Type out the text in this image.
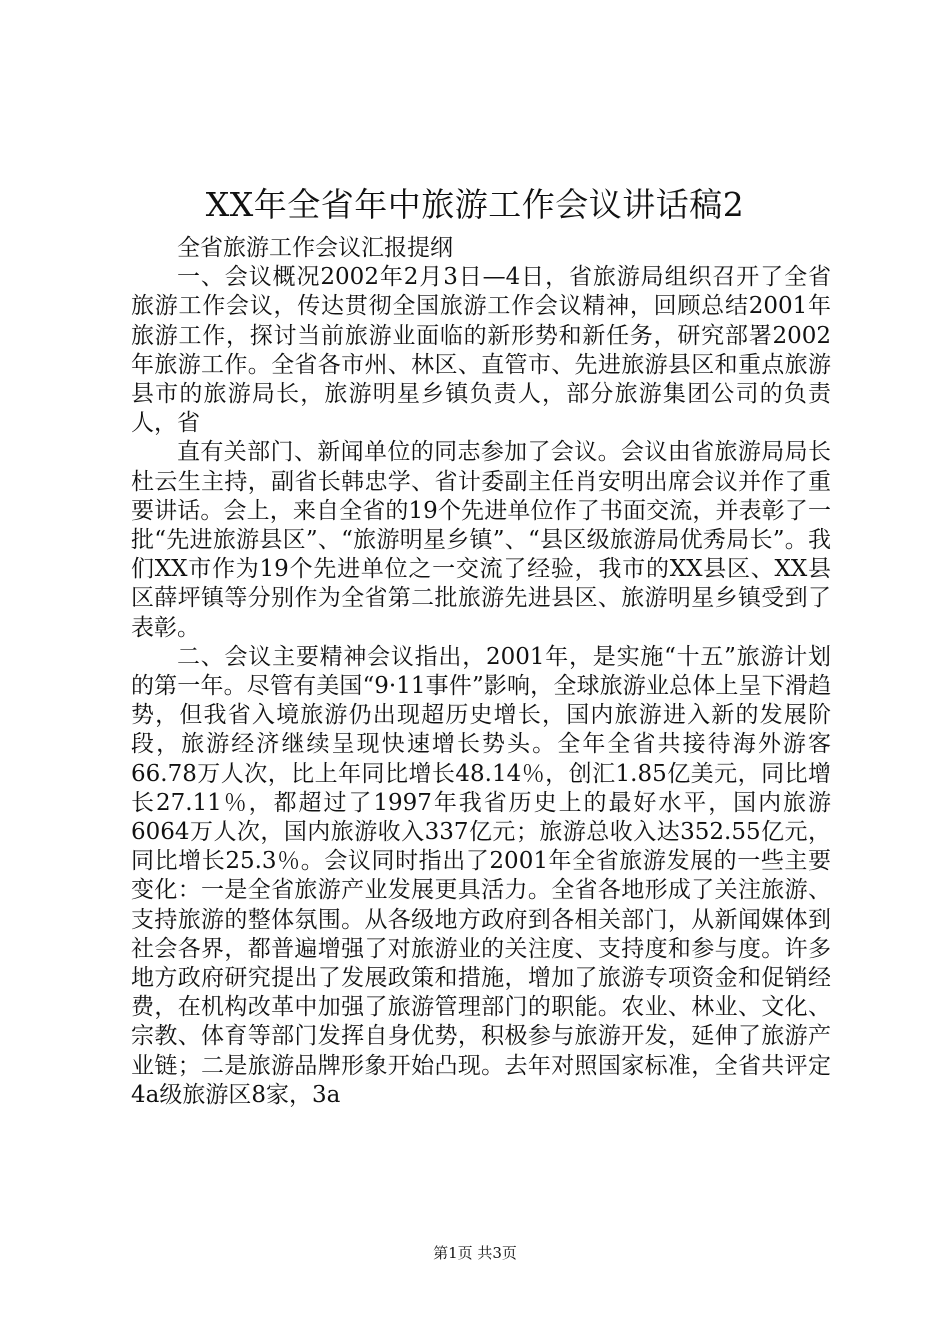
XX年全省年中旅游工作会议讲话稿2

全省旅游工作会议汇报提纲

一、会议概况2002年2月3日—4日，省旅游局组织召开了全省旅游工作会议，传达贯彻全国旅游工作会议精神，回顾总结2001年旅游工作，探讨当前旅游业面临的新形势和新任务，研究部署2002年旅游工作。全省各市州、林区、直管市、先进旅游县区和重点旅游县市的旅游局长，旅游明星乡镇负责人，部分旅游集团公司的负责人，省

直有关部门、新闻单位的同志参加了会议。会议由省旅游局局长杜云生主持，副省长韩忠学、省计委副主任肖安明出席会议并作了重要讲话。会上，来自全省的19个先进单位作了书面交流，并表彰了一批“先进旅游县区”、“旅游明星乡镇”、“县区级旅游局优秀局长”。我们XX市作为19个先进单位之一交流了经验，我市的XX县区、XX县区薛坪镇等分别作为全省第二批旅游先进县区、旅游明星乡镇受到了表彰。

二、会议主要精神会议指出，2001年，是实施“十五”旅游计划的第一年。尽管有美国“9·11事件”影响，全球旅游业总体上呈下滑趋势，但我省入境旅游仍出现超历史增长，国内旅游进入新的发展阶段，旅游经济继续呈现快速增长势头。全年全省共接待海外游客66.78万人次，比上年同比增长48.14％，创汇1.85亿美元，同比增长27.11％，都超过了1997年我省历史上的最好水平，国内旅游6064万人次，国内旅游收入337亿元；旅游总收入达352.55亿元，同比增长25.3％。会议同时指出了2001年全省旅游发展的一些主要变化：一是全省旅游产业发展更具活力。全省各地形成了关注旅游、支持旅游的整体氛围。从各级地方政府到各相关部门，从新闻媒体到社会各界，都普遍增强了对旅游业的关注度、支持度和参与度。许多地方政府研究提出了发展政策和措施，增加了旅游专项资金和促销经费，在机构改革中加强了旅游管理部门的职能。农业、林业、文化、宗教、体育等部门发挥自身优势，积极参与旅游开发，延伸了旅游产业链；二是旅游品牌形象开始凸现。去年对照国家标准，全省共评定4a级旅游区8家，3a

第1页 共3页
